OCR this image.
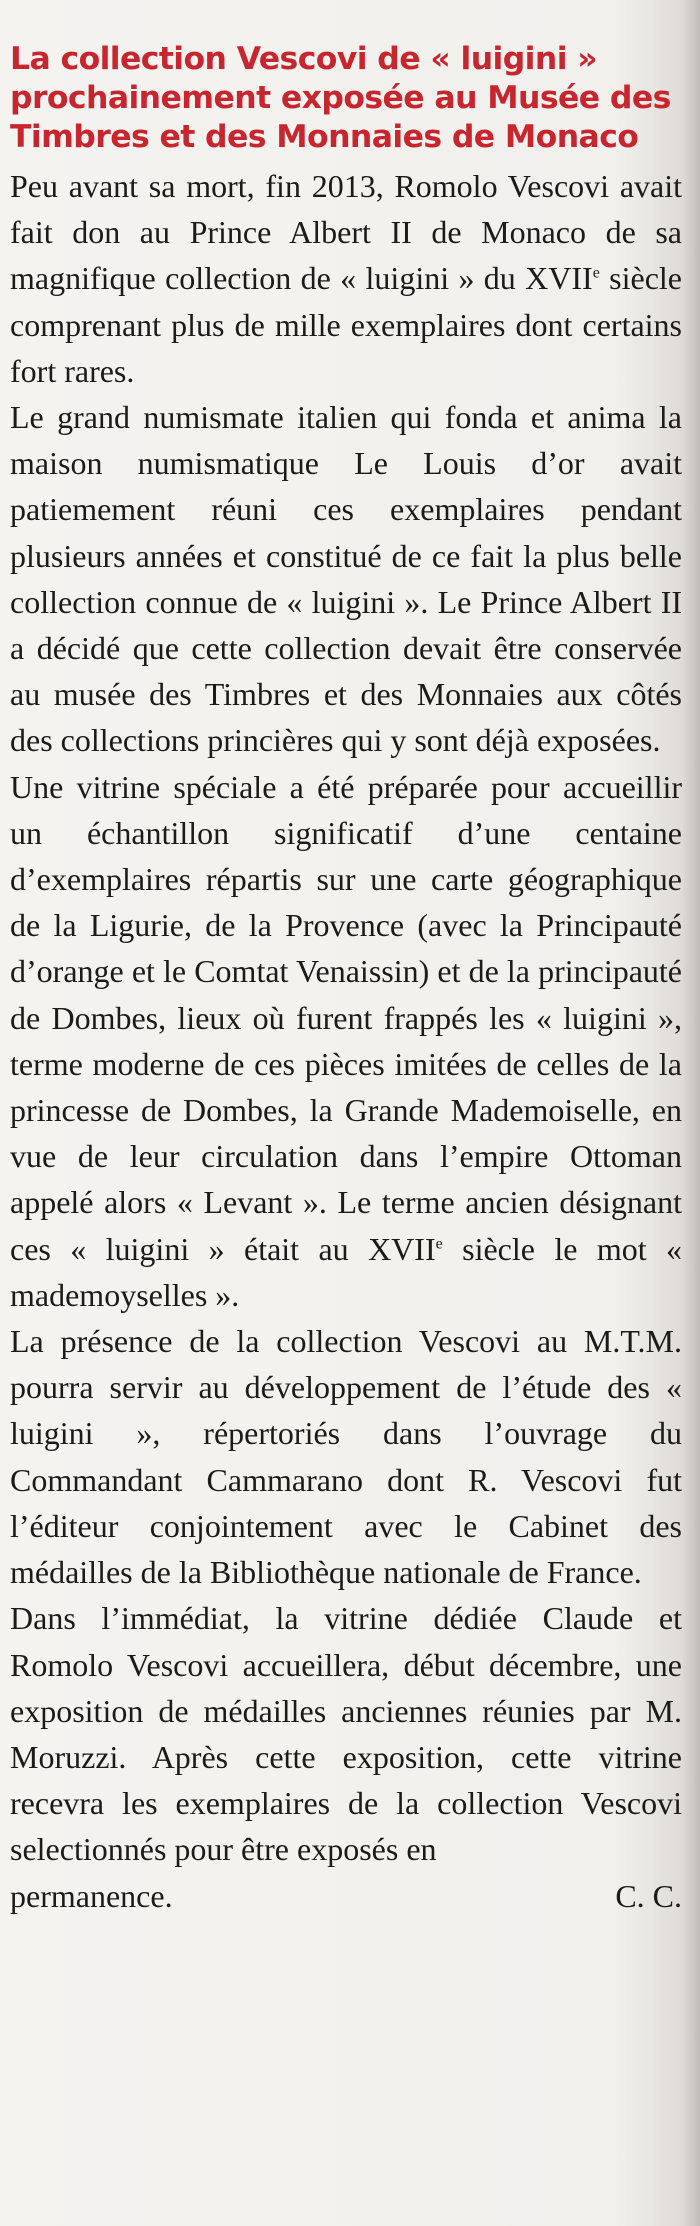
La collection Vescovi de « luigini » prochainement exposée au Musée des Timbres et des Monnaies de Monaco

Peu avant sa mort, fin 2013, Romolo Vescovi avait fait don au Prince Albert II de Monaco de sa magnifique collection de « luigini » du XVIIe siècle comprenant plus de mille exemplaires dont certains fort rares.

Le grand numismate italien qui fonda et anima la maison numismatique Le Louis d’or avait patiemement réuni ces exemplaires pendant plusieurs années et constitué de ce fait la plus belle collection connue de « luigini ». Le Prince Albert II a décidé que cette collection devait être conservée au musée des Timbres et des Monnaies aux côtés des collections princières qui y sont déjà exposées.

Une vitrine spéciale a été préparée pour accueillir un échantillon significatif d’une centaine d’exemplaires répartis sur une carte géographique de la Ligurie, de la Provence (avec la Principauté d’orange et le Comtat Venaissin) et de la principauté de Dombes, lieux où furent frappés les « luigini », terme moderne de ces pièces imitées de celles de la princesse de Dombes, la Grande Mademoiselle, en vue de leur circulation dans l’empire Ottoman appelé alors « Levant ». Le terme ancien désignant ces « luigini » était au XVIIe siècle le mot « mademoyselles ».

La présence de la collection Vescovi au M.T.M. pourra servir au développement de l’étude des « luigini », répertoriés dans l’ouvrage du Commandant Cammarano dont R. Vescovi fut l’éditeur conjointement avec le Cabinet des médailles de la Bibliothèque nationale de France.

Dans l’immédiat, la vitrine dédiée Claude et Romolo Vescovi accueillera, début décembre, une exposition de médailles anciennes réunies par M. Moruzzi. Après cette exposition, cette vitrine recevra les exemplaires de la collection Vescovi selectionnés pour être exposés en

permanence.	C. C.
